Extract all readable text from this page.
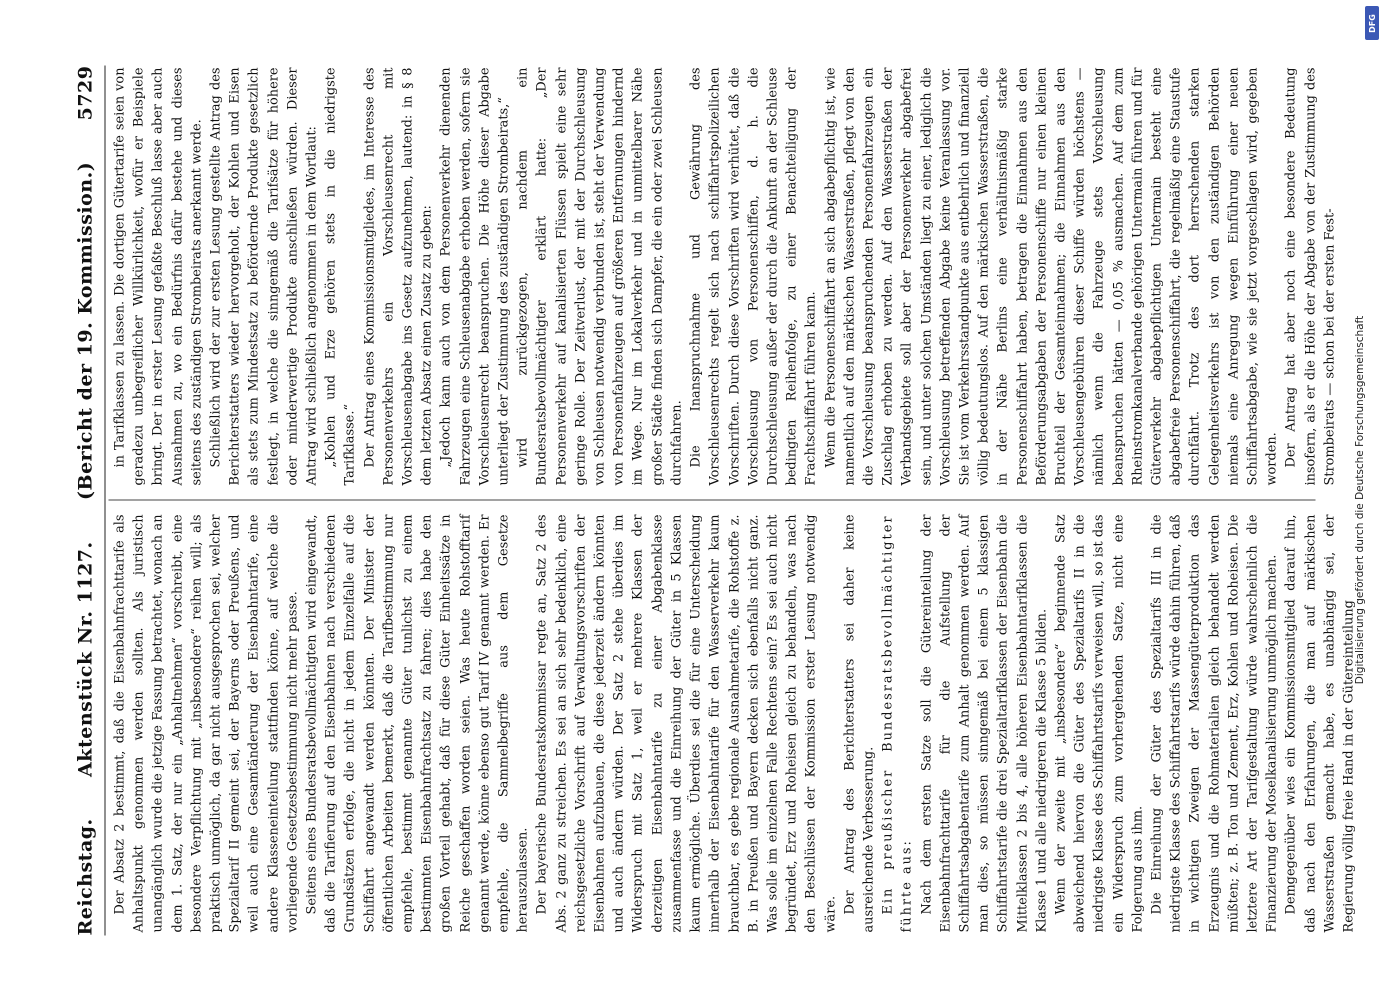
Reichstag.
Aktenstück Nr. 1127.
(Bericht der 19. Kommission.)
5729

Der Absatz 2 bestimmt, daß die Eisenbahnfrachttarife als Anhaltspunkt genommen werden sollten. Als juristisch unangänglich wurde die jetzige Fassung betrachtet, wonach an dem 1. Satz, der nur ein „Anhaltnehmen“ vorschreibt, eine besondere Verpflichtung mit „insbesondere“ reihen will; als praktisch unmöglich, da gar nicht ausgesprochen sei, welcher Spezialtarif II gemeint sei, der Bayerns oder Preußens, und weil auch eine Gesamtänderung der Eisenbahntarife, eine andere Klasseneinteilung stattfinden könne, auf welche die vorliegende Gesetzesbestimmung nicht mehr passe. Seitens eines Bundesratsbevollmächtigten wird eingewandt, daß die Tarifierung auf den Eisenbahnen nach verschiedenen Grundsätzen erfolge, die nicht in jedem Einzelfalle auf die Schiffahrt angewandt werden könnten. Der Minister der öffentlichen Arbeiten bemerkt, daß die Tarifbestimmung nur empfehle, bestimmt genannte Güter tunlichst zu einem bestimmten Eisenbahnfrachtsatz zu fahren; dies habe den großen Vorteil gehabt, daß für diese Güter Einheitssätze in Reiche geschaffen worden seien. Was heute Rohstofftarif genannt werde, könne ebenso gut Tarif IV genannt werden. Er empfehle, die Sammelbegriffe aus dem Gesetze herauszulassen. Der bayerische Bundesratskommissar regte an, Satz 2 des Abs. 2 ganz zu streichen. Es sei an sich sehr bedenklich, eine reichsgesetzliche Vorschrift auf Verwaltungsvorschriften der Eisenbahnen aufzubauen, die diese jederzeit ändern könnten und auch ändern würden. Der Satz 2 stehe überdies im Widerspruch mit Satz 1, weil er mehrere Klassen der derzeitigen Eisenbahntarife zu einer Abgabenklasse zusammenfasse und die Einreihung der Güter in 5 Klassen kaum ermögliche. Überdies sei die für eine Unterscheidung innerhalb der Eisenbahntarife für den Wasserverkehr kaum brauchbar, es gebe regionale Ausnahmetarife, die Rohstoffe z. B. in Preußen und Bayern decken sich ebenfalls nicht ganz. Was solle im einzelnen Falle Rechtens sein? Es sei auch nicht begründet, Erz und Roheisen gleich zu behandeln, was nach den Beschlüssen der Kommission erster Lesung notwendig wäre. Der Antrag des Berichterstatters sei daher keine ausreichende Verbesserung. Ein preußischer Bundesratsbevollmächtigter führte aus: Nach dem ersten Satze soll die Gütereinteilung der Eisenbahnfrachttarife für die Aufstellung der Schiffahrtsabgabentarife zum Anhalt genommen werden. Auf man dies, so müssen sinngemäß bei einem 5 klassigen Schiffahrtstarife die drei Spezialtarifklassen der Eisenbahn die Mittelklassen 2 bis 4, alle höheren Eisenbahntarifklassen die Klasse 1 und alle niedrigeren die Klasse 5 bilden. Wenn der zweite mit „insbesondere“ beginnende Satz abweichend hiervon die Güter des Spezialtarifs II in die niedrigste Klasse des Schiffahrtstarifs verweisen will, so ist das ein Widerspruch zum vorhergehenden Satze, nicht eine Folgerung aus ihm. Die Einreihung der Güter des Spezialtarifs III in die niedrigste Klasse des Schiffahrtstarifs würde dahin führen, daß in wichtigen Zweigen der Massengüterproduktion das Erzeugnis und die Rohmaterialien gleich behandelt werden müßten; z. B. Ton und Zement, Erz, Kohlen und Roheisen. Die letztere Art der Tarifgestaltung würde wahrscheinlich die Finanzierung der Moselkanalisierung unmöglich machen. Demgegenüber wies ein Kommissionsmitglied darauf hin, daß nach den Erfahrungen, die man auf märkischen Wasserstraßen gemacht habe, es unabhängig sei, der Regierung völlig freie Hand in der Gütereinteilung

in Tarifklassen zu lassen. Die dortigen Gütertarife seien von geradezu unbegreiflicher Willkürlichkeit, wofür er Beispiele bringt. Der in erster Lesung gefaßte Beschluß lasse aber auch Ausnahmen zu, wo ein Bedürfnis dafür bestehe und dieses seitens des zuständigen Strombeirats anerkannt werde. Schließlich wird der zur ersten Lesung gestellte Antrag des Berichterstatters wieder hervorgeholt, der Kohlen und Eisen als stets zum Mindestsatz zu befördernde Produkte gesetzlich festlegt, in welche die sinngemäß die Tarifsätze für höhere oder minderwertige Produkte anschließen würden. Dieser Antrag wird schließlich angenommen in dem Wortlaut: „Kohlen und Erze gehören stets in die niedrigste Tarifklasse.“ Der Antrag eines Kommissionsmitgliedes, im Interesse des Personenverkehrs ein Vorschleusenrecht mit Vorschleusenabgabe ins Gesetz aufzunehmen, lautend: in § 8 dem letzten Absatz einen Zusatz zu geben: „Jedoch kann auch von dem Personenverkehr dienenden Fahrzeugen eine Schleusenabgabe erhoben werden, sofern sie Vorschleusenrecht beanspruchen. Die Höhe dieser Abgabe unterliegt der Zustimmung des zuständigen Strombeirats,“ wird zurückgezogen, nachdem ein Bundesratsbevollmächtigter erklärt hatte: „Der Personenverkehr auf kanalisierten Flüssen spielt eine sehr geringe Rolle. Der Zeitverlust, der mit der Durchschleusung von Schleusen notwendig verbunden ist, steht der Verwendung von Personenfahrzeugen auf größeren Entfernungen hindernd im Wege. Nur im Lokalverkehr und in unmittelbarer Nähe großer Städte finden sich Dampfer, die ein oder zwei Schleusen durchfahren. Die Inanspruchnahme und Gewährung des Vorschleusenrechts regelt sich nach schiffahrtspolizeilichen Vorschriften. Durch diese Vorschriften wird verhütet, daß die Vorschleusung von Personenschiffen, d. h. die Durchschleusung außer der durch die Ankunft an der Schleuse bedingten Reihenfolge, zu einer Benachteiligung der Frachtschiffahrt führen kann. Wenn die Personenschiffahrt an sich abgabepflichtig ist, wie namentlich auf den märkischen Wasserstraßen, pflegt von den die Vorschleusung beanspruchenden Personenfahrzeugen ein Zuschlag erhoben zu werden. Auf den Wasserstraßen der Verbandsgebiete soll aber der Personenverkehr abgabefrei sein, und unter solchen Umständen liegt zu einer, lediglich die Vorschleusung betreffenden Abgabe keine Veranlassung vor. Sie ist vom Verkehrsstandpunkte aus entbehrlich und finanziell völlig bedeutungslos. Auf den märkischen Wasserstraßen, die in der Nähe Berlins eine verhältnismäßig starke Personenschiffahrt haben, betragen die Einnahmen aus den Beförderungsabgaben der Personenschiffe nur einen kleinen Bruchteil der Gesamteinnahmen; die Einnahmen aus den Vorschleusengebühren dieser Schiffe würden höchstens — nämlich wenn die Fahrzeuge stets Vorschleusung beanspruchen hätten — 0,05 % ausmachen. Auf dem zum Rheinstromkanalverbande gehörigen Untermain führen und für Güterverkehr abgabepflichtigen Untermain besteht eine abgabefreie Personenschiffahrt, die regelmäßig eine Staustufe durchfährt. Trotz des dort herrschenden starken Gelegenheitsverkehrs ist von den zuständigen Behörden niemals eine Anregung wegen Einführung einer neuen Schiffahrtsabgabe, wie sie jetzt vorgeschlagen wird, gegeben worden. Der Antrag hat aber noch eine besondere Bedeutung insofern, als er die Höhe der Abgabe von der Zustimmung des Strombeirats — schon bei der ersten Fest- Digitalisierung gefördert durch die Deutsche Forschungsgemeinschaft
DFG
